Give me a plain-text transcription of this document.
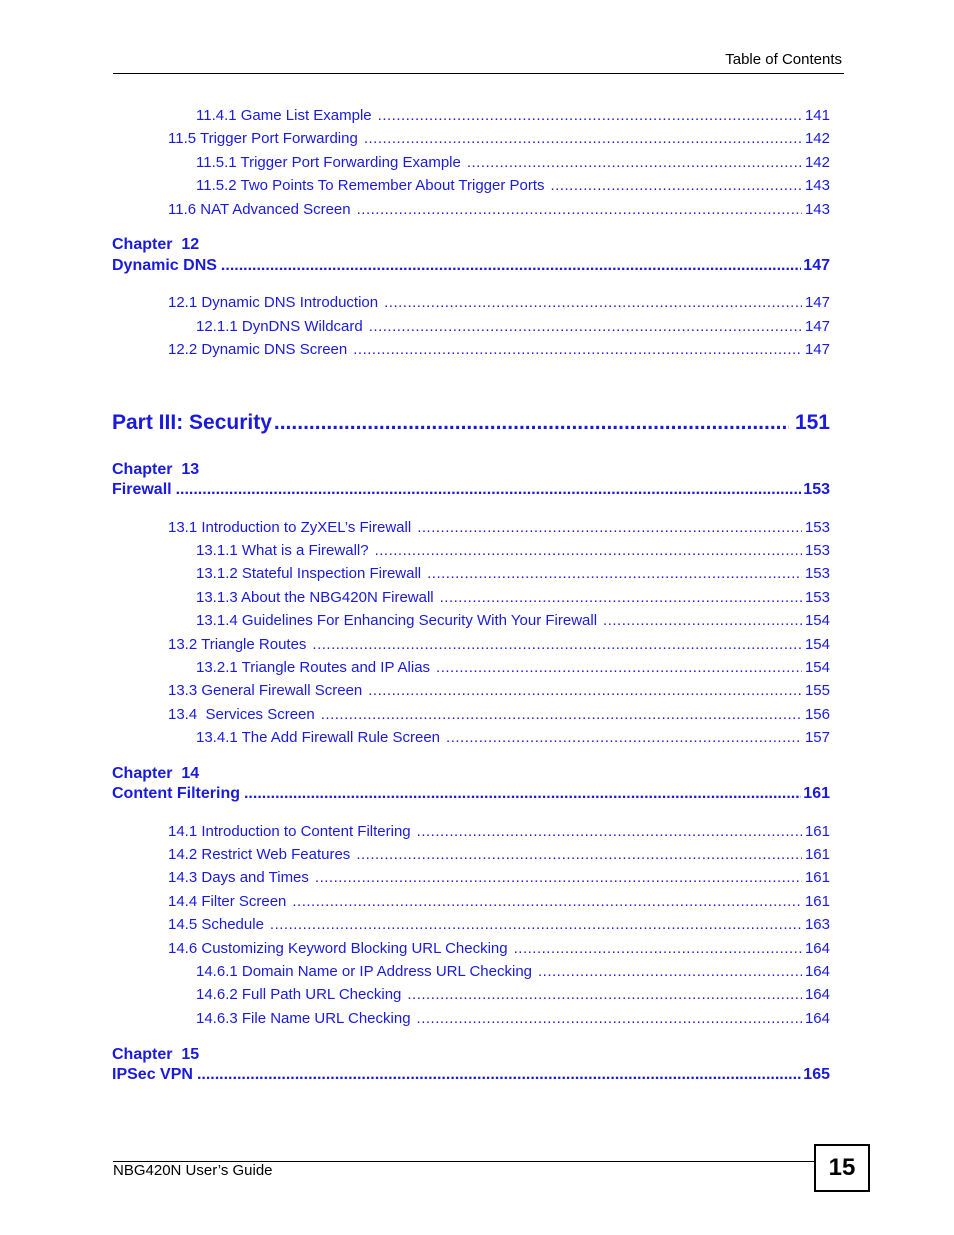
Table of Contents
11.4.1 Game List Example .....	141
11.5 Trigger Port Forwarding .....	142
11.5.1 Trigger Port Forwarding Example .....	142
11.5.2 Two Points To Remember About Trigger Ports .....	143
11.6 NAT Advanced Screen .....	143
Chapter  12
Dynamic DNS .....	147
12.1 Dynamic DNS Introduction .....	147
12.1.1 DynDNS Wildcard .....	147
12.2 Dynamic DNS Screen .....	147
Part III: Security .....	151
Chapter  13
Firewall .....	153
13.1 Introduction to ZyXEL’s Firewall .....	153
13.1.1 What is a Firewall? .....	153
13.1.2 Stateful Inspection Firewall .....	153
13.1.3 About the NBG420N Firewall .....	153
13.1.4 Guidelines For Enhancing Security With Your Firewall .....	154
13.2 Triangle Routes .....	154
13.2.1 Triangle Routes and IP Alias .....	154
13.3 General Firewall Screen .....	155
13.4  Services Screen .....	156
13.4.1 The Add Firewall Rule Screen .....	157
Chapter  14
Content Filtering .....	161
14.1 Introduction to Content Filtering .....	161
14.2 Restrict Web Features .....	161
14.3 Days and Times .....	161
14.4 Filter Screen .....	161
14.5 Schedule .....	163
14.6 Customizing Keyword Blocking URL Checking .....	164
14.6.1 Domain Name or IP Address URL Checking .....	164
14.6.2 Full Path URL Checking .....	164
14.6.3 File Name URL Checking .....	164
Chapter  15
IPSec VPN .....	165
NBG420N User’s Guide	15
